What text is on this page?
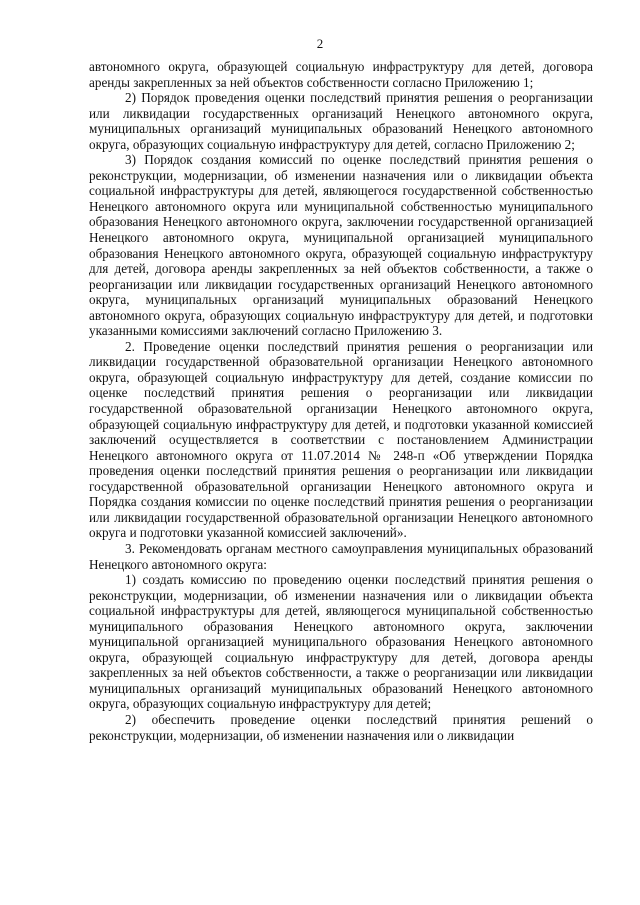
2

автономного округа, образующей социальную инфраструктуру для детей, договора аренды закрепленных за ней объектов собственности согласно Приложению 1;

2) Порядок проведения оценки последствий принятия решения о реорганизации или ликвидации государственных организаций Ненецкого автономного округа, муниципальных организаций муниципальных образований Ненецкого автономного округа, образующих социальную инфраструктуру для детей, согласно Приложению 2;

3) Порядок создания комиссий по оценке последствий принятия решения о реконструкции, модернизации, об изменении назначения или о ликвидации объекта социальной инфраструктуры для детей, являющегося государственной собственностью Ненецкого автономного округа или муниципальной собственностью муниципального образования Ненецкого автономного округа, заключении государственной организацией Ненецкого автономного округа, муниципальной организацией муниципального образования Ненецкого автономного округа, образующей социальную инфраструктуру для детей, договора аренды закрепленных за ней объектов собственности, а также о реорганизации или ликвидации государственных организаций Ненецкого автономного округа, муниципальных организаций муниципальных образований Ненецкого автономного округа, образующих социальную инфраструктуру для детей, и подготовки указанными комиссиями заключений согласно Приложению 3.

2. Проведение оценки последствий принятия решения о реорганизации или ликвидации государственной образовательной организации Ненецкого автономного округа, образующей социальную инфраструктуру для детей, создание комиссии по оценке последствий принятия решения о реорганизации или ликвидации государственной образовательной организации Ненецкого автономного округа, образующей социальную инфраструктуру для детей, и подготовки указанной комиссией заключений осуществляется в соответствии с постановлением Администрации Ненецкого автономного округа от 11.07.2014 № 248-п «Об утверждении Порядка проведения оценки последствий принятия решения о реорганизации или ликвидации государственной образовательной организации Ненецкого автономного округа и Порядка создания комиссии по оценке последствий принятия решения о реорганизации или ликвидации государственной образовательной организации Ненецкого автономного округа и подготовки указанной комиссией заключений».

3. Рекомендовать органам местного самоуправления муниципальных образований Ненецкого автономного округа:

1) создать комиссию по проведению оценки последствий принятия решения о реконструкции, модернизации, об изменении назначения или о ликвидации объекта социальной инфраструктуры для детей, являющегося муниципальной собственностью муниципального образования Ненецкого автономного округа, заключении муниципальной организацией муниципального образования Ненецкого автономного округа, образующей социальную инфраструктуру для детей, договора аренды закрепленных за ней объектов собственности, а также о реорганизации или ликвидации муниципальных организаций муниципальных образований Ненецкого автономного округа, образующих социальную инфраструктуру для детей;

2) обеспечить проведение оценки последствий принятия решений о реконструкции, модернизации, об изменении назначения или о ликвидации
